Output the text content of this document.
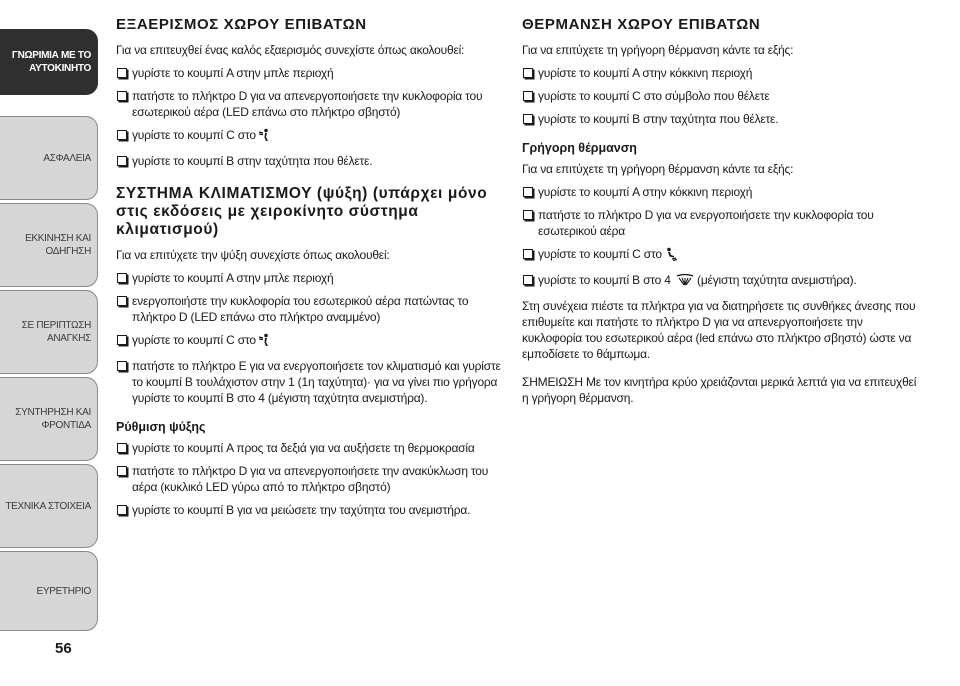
ΓΝΩΡΙΜΙΑ ΜΕ ΤΟ
ΑΥΤΟΚΙΝΗΤΟ
ΑΣΦΑΛΕΙΑ
ΕΚΚΙΝΗΣΗ ΚΑΙ
ΟΔΗΓΗΣΗ
ΣΕ ΠΕΡΙΠΤΩΣΗ
ΑΝΑΓΚΗΣ
ΣΥΝΤΗΡΗΣΗ ΚΑΙ
ΦΡΟΝΤΙΔΑ
ΤΕΧΝΙΚΑ ΣΤΟΙΧΕΙΑ
ΕΥΡΕΤΗΡΙΟ
56
ΕΞΑΕΡΙΣΜΟΣ ΧΩΡΟΥ ΕΠΙΒΑΤΩΝ

Για να επιτευχθεί ένας καλός εξαερισμός συνεχίστε όπως ακολουθεί:

γυρίστε το κουμπί A στην μπλε περιοχή
πατήστε το πλήκτρο D για να απενεργοποιήσετε την κυκλοφορία του εσωτερικού αέρα (LED επάνω στο πλήκτρο σβηστό)
γυρίστε το κουμπί C στο
γυρίστε το κουμπί B στην ταχύτητα που θέλετε.
ΣΥΣΤΗΜΑ ΚΛΙΜΑΤΙΣΜΟΥ (ψύξη) (υπάρχει μόνο στις εκδόσεις με χειροκίνητο σύστημα κλιματισμού)

Για να επιτύχετε την ψύξη συνεχίστε όπως ακολουθεί:

γυρίστε το κουμπί A στην μπλε περιοχή
ενεργοποιήστε την κυκλοφορία του εσωτερικού αέρα πατώντας το πλήκτρο D (LED επάνω στο πλήκτρο αναμμένο)
γυρίστε το κουμπί C στο
πατήστε το πλήκτρο E για να ενεργοποιήσετε τον κλιματισμό και γυρίστε το κουμπί B τουλάχιστον στην 1 (1η ταχύτητα)· για να γίνει πιο γρήγορα γυρίστε το κουμπί B στο 4 (μέγιστη ταχύτητα ανεμιστήρα).
Ρύθμιση ψύξης
γυρίστε το κουμπί A προς τα δεξιά για να αυξήσετε τη θερμοκρασία
πατήστε το πλήκτρο D για να απενεργοποιήσετε την ανακύκλωση του αέρα (κυκλικό LED γύρω από το πλήκτρο σβηστό)
γυρίστε το κουμπί B για να μειώσετε την ταχύτητα του ανεμιστήρα.
ΘΕΡΜΑΝΣΗ ΧΩΡΟΥ ΕΠΙΒΑΤΩΝ

Για να επιτύχετε τη γρήγορη θέρμανση κάντε τα εξής:

γυρίστε το κουμπί A στην κόκκινη περιοχή
γυρίστε το κουμπί C στο σύμβολο που θέλετε
γυρίστε το κουμπί B στην ταχύτητα που θέλετε.
Γρήγορη θέρμανση

Για να επιτύχετε τη γρήγορη θέρμανση κάντε τα εξής:

γυρίστε το κουμπί A στην κόκκινη περιοχή
πατήστε το πλήκτρο D για να ενεργοποιήσετε την κυκλοφορία του εσωτερικού αέρα
γυρίστε το κουμπί C στο
γυρίστε το κουμπί B στο 4 (μέγιστη ταχύτητα ανεμιστήρα).

Στη συνέχεια πιέστε τα πλήκτρα για να διατηρήσετε τις συνθήκες άνεσης που επιθυμείτε και πατήστε το πλήκτρο D για να απενεργοποιήσετε την κυκλοφορία του εσωτερικού αέρα (led επάνω στο πλήκτρο σβηστό) ώστε να εμποδίσετε το θάμπωμα.

ΣΗΜΕΙΩΣΗ Με τον κινητήρα κρύο χρειάζονται μερικά λεπτά για να επιτευχθεί η γρήγορη θέρμανση.
